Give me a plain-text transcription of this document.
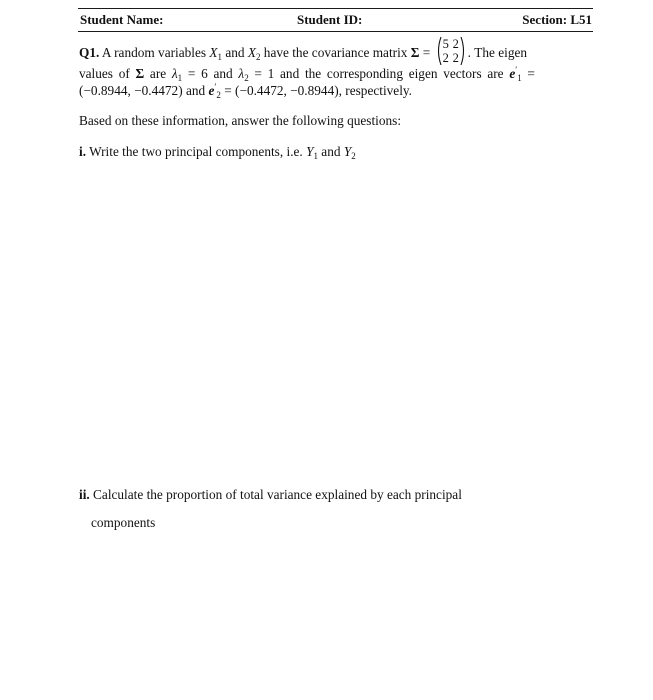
Student Name:	Student ID:	Section: L51
Q1. A random variables $X_1$ and $X_2$ have the covariance matrix Σ =
5 2
2 2 . The eigen
values of Σ are $\lambda_1 = 6$ and $\lambda_2 = 1$ and the corresponding eigen vectors are $e'_1$ =
(−0.8944, −0.4472) and $e'_2 = (-0.4472$, −0.8944), respectively.
Based on these information, answer the following questions:
i. Write the two principal components, i.e. $Y_1$ and $Y_2$
ii. Calculate the proportion of total variance explained by each principal
components
